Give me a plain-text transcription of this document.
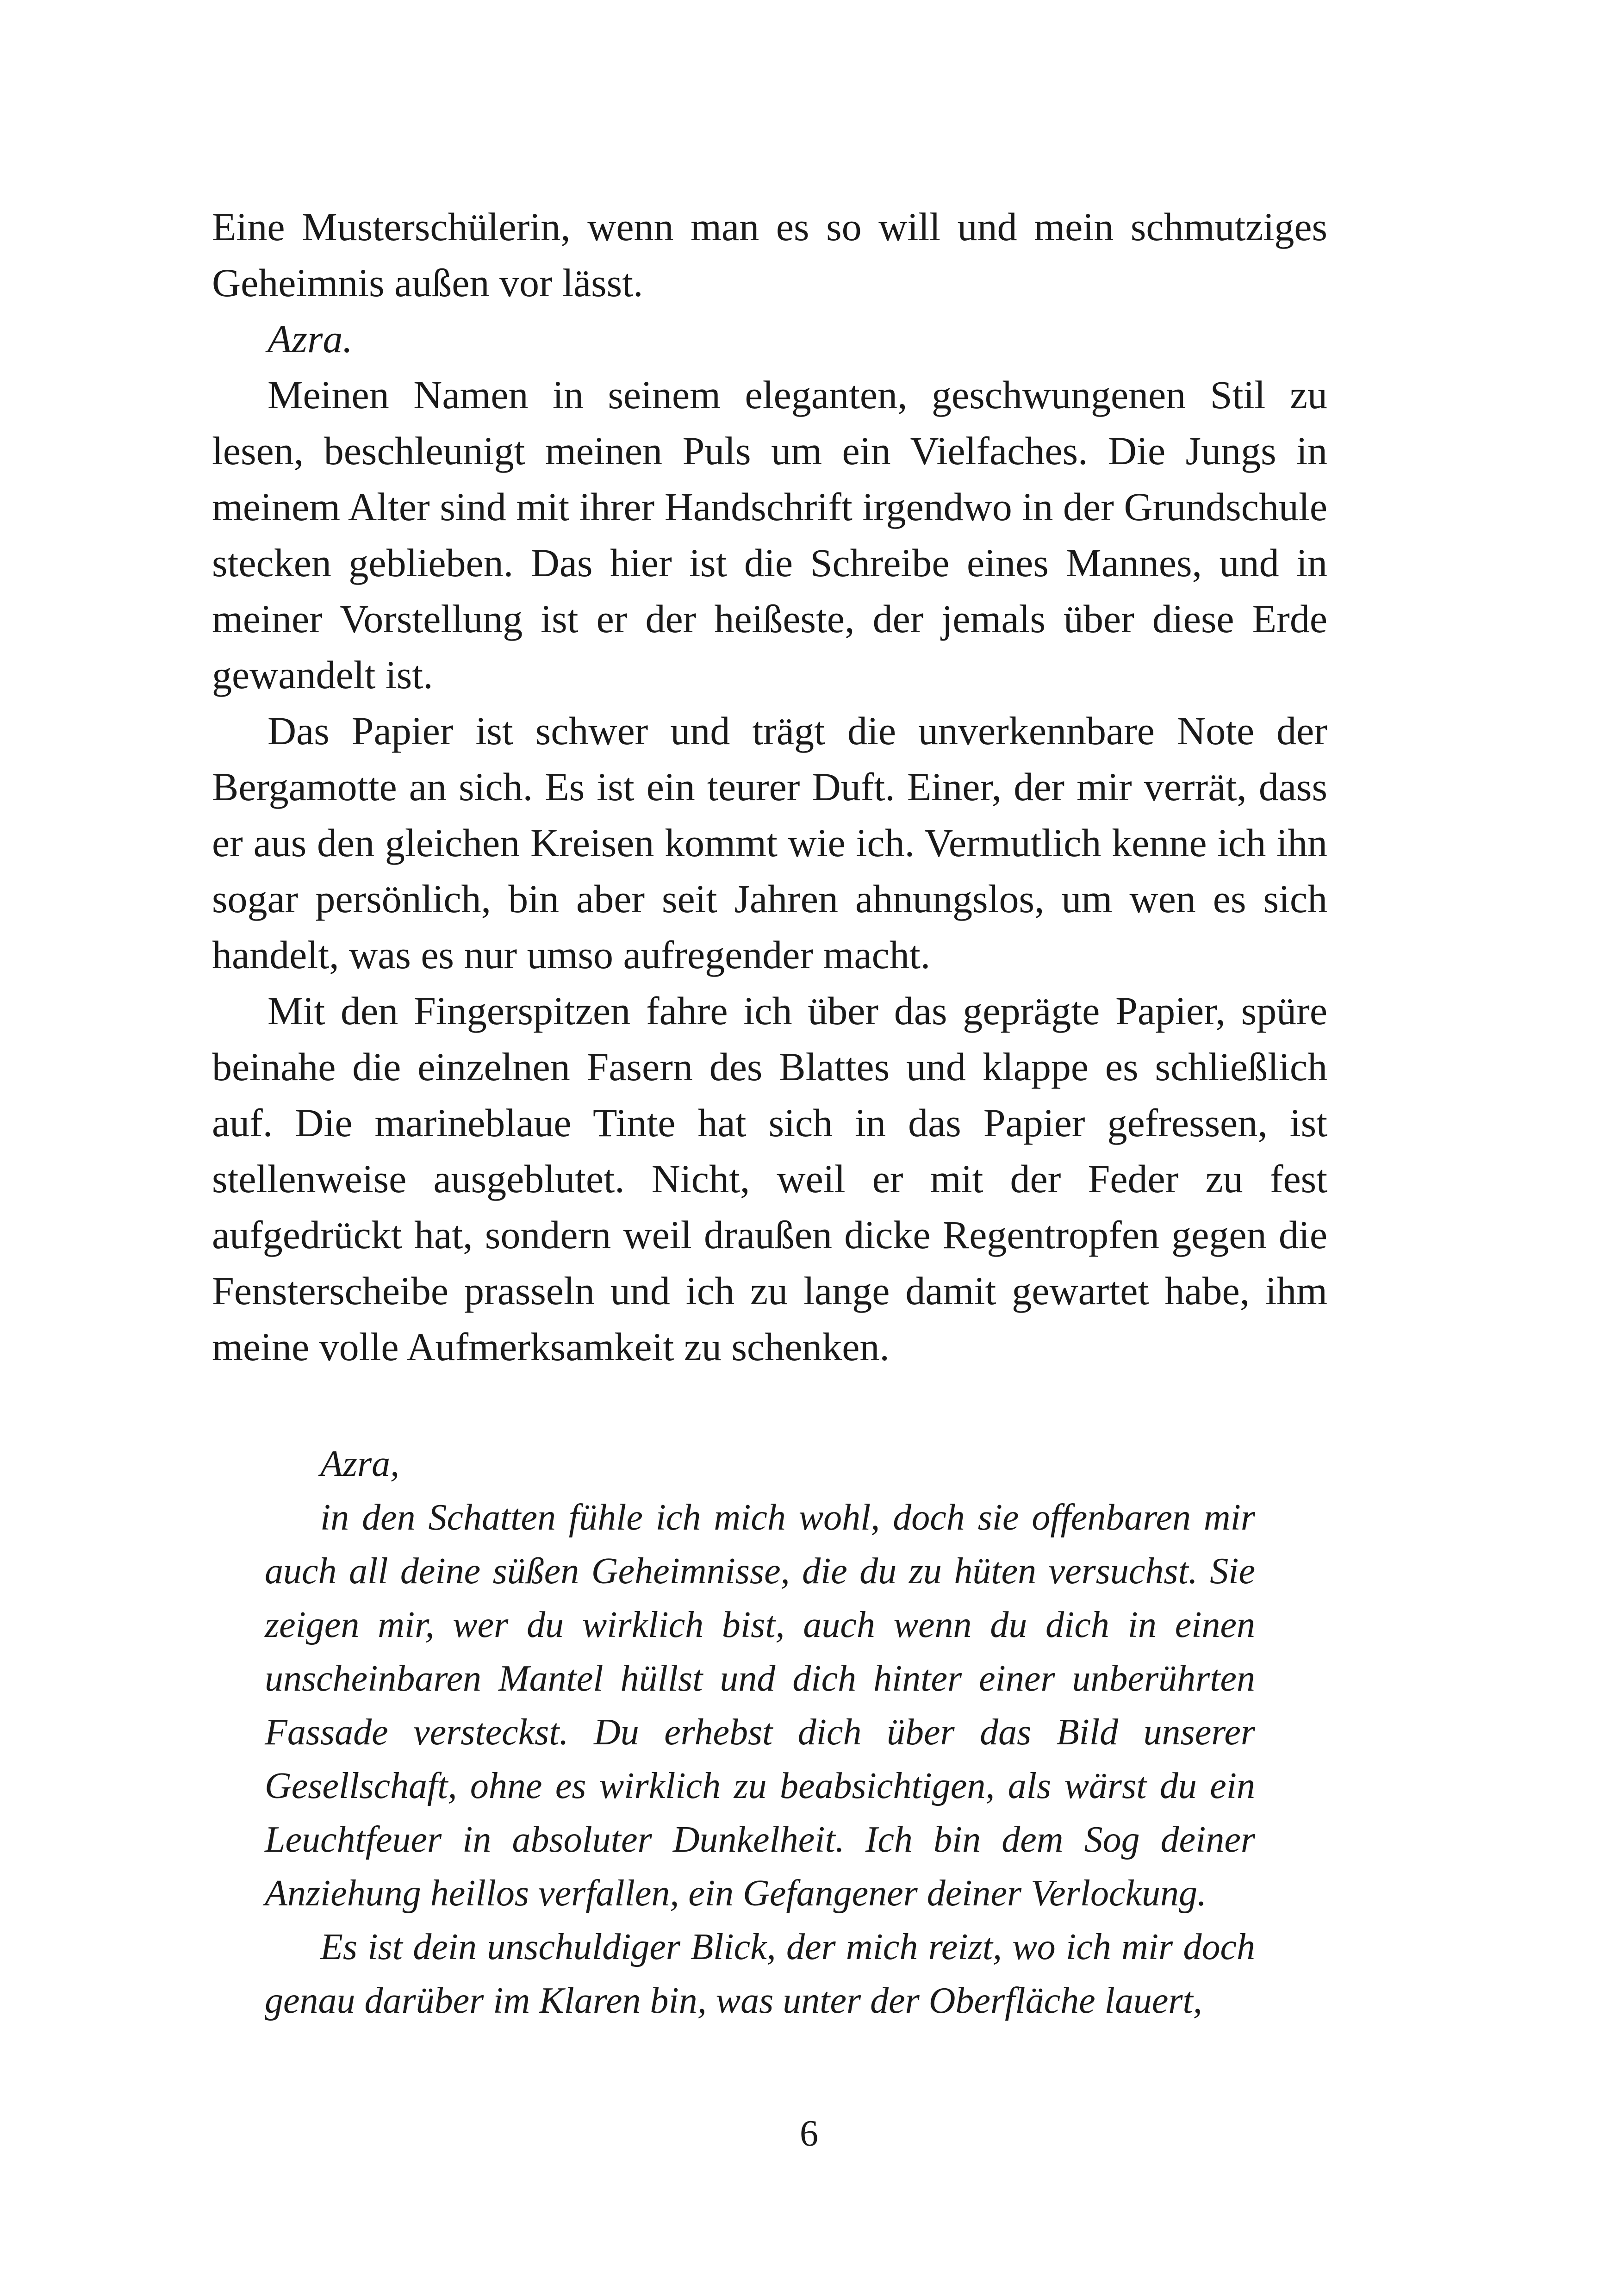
Eine Musterschülerin, wenn man es so will und mein schmutziges Geheimnis außen vor lässt.

Azra.

Meinen Namen in seinem eleganten, geschwungenen Stil zu lesen, beschleunigt meinen Puls um ein Vielfaches. Die Jungs in meinem Alter sind mit ihrer Handschrift irgendwo in der Grundschule stecken geblieben. Das hier ist die Schreibe eines Mannes, und in meiner Vorstellung ist er der heißeste, der jemals über diese Erde gewandelt ist.

Das Papier ist schwer und trägt die unverkennbare Note der Bergamotte an sich. Es ist ein teurer Duft. Einer, der mir verrät, dass er aus den gleichen Kreisen kommt wie ich. Vermutlich kenne ich ihn sogar persönlich, bin aber seit Jahren ahnungslos, um wen es sich handelt, was es nur umso aufregender macht.

Mit den Fingerspitzen fahre ich über das geprägte Papier, spüre beinahe die einzelnen Fasern des Blattes und klappe es schließlich auf. Die marineblaue Tinte hat sich in das Papier gefressen, ist stellenweise ausgeblutet. Nicht, weil er mit der Feder zu fest aufgedrückt hat, sondern weil draußen dicke Regentropfen gegen die Fensterscheibe prasseln und ich zu lange damit gewartet habe, ihm meine volle Aufmerksamkeit zu schenken.

Azra,

in den Schatten fühle ich mich wohl, doch sie offenbaren mir auch all deine süßen Geheimnisse, die du zu hüten versuchst. Sie zeigen mir, wer du wirklich bist, auch wenn du dich in einen unscheinbaren Mantel hüllst und dich hinter einer unberührten Fassade versteckst. Du erhebst dich über das Bild unserer Gesellschaft, ohne es wirklich zu beabsichtigen, als wärst du ein Leuchtfeuer in absoluter Dunkelheit. Ich bin dem Sog deiner Anziehung heillos verfallen, ein Gefangener deiner Verlockung.

Es ist dein unschuldiger Blick, der mich reizt, wo ich mir doch genau darüber im Klaren bin, was unter der Oberfläche lauert,

6
